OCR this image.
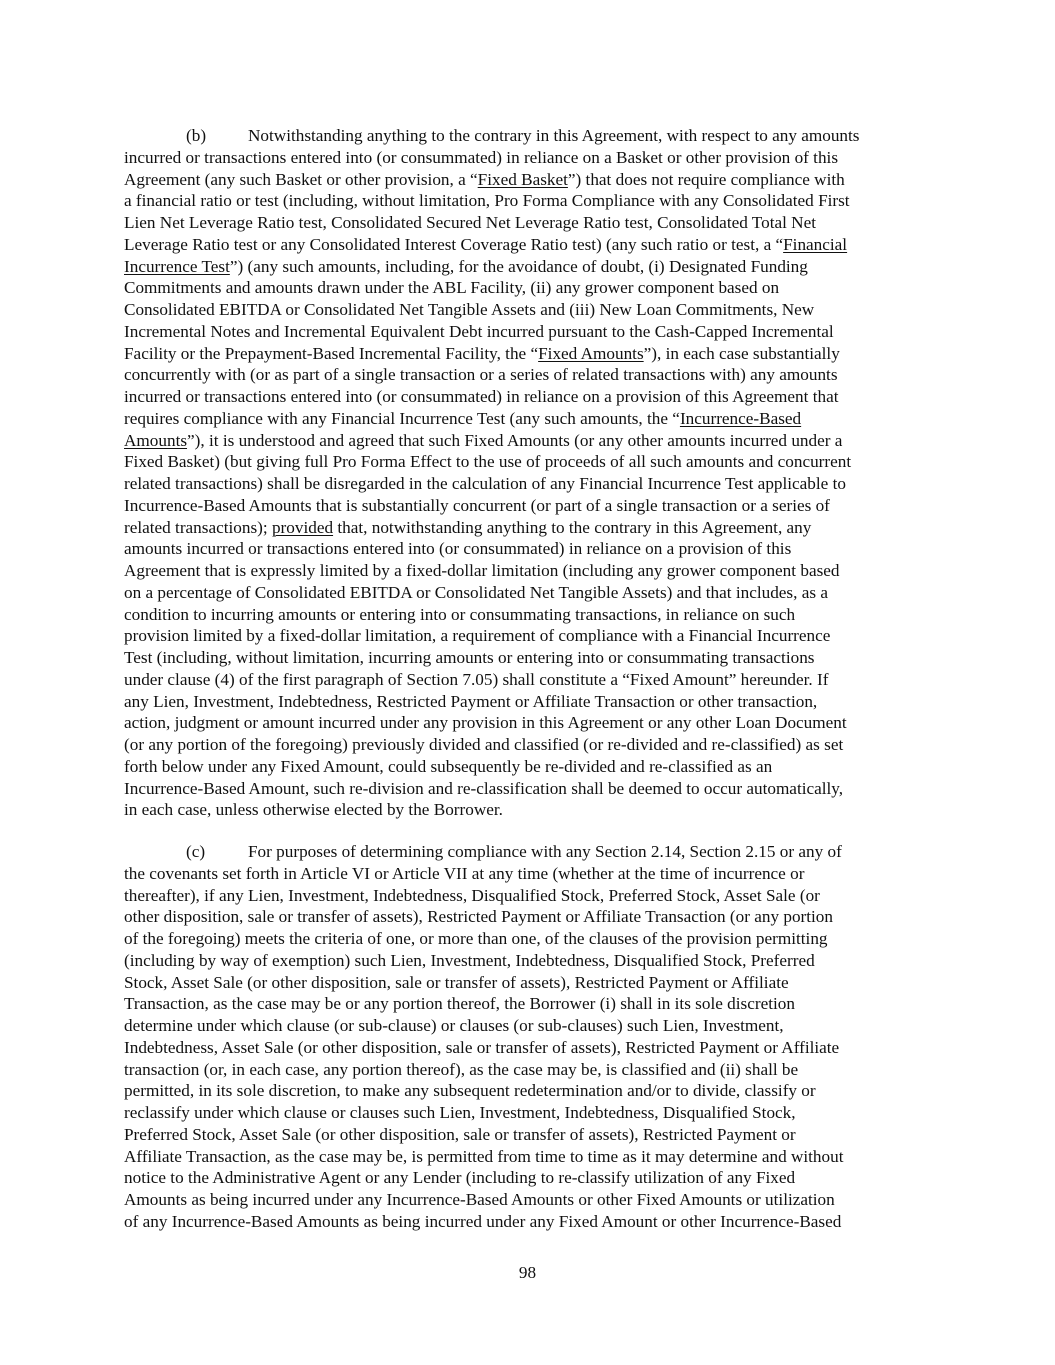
(b) Notwithstanding anything to the contrary in this Agreement, with respect to any amounts
incurred or transactions entered into (or consummated) in reliance on a Basket or other provision of this
Agreement (any such Basket or other provision, a “Fixed Basket”) that does not require compliance with
a financial ratio or test (including, without limitation, Pro Forma Compliance with any Consolidated First
Lien Net Leverage Ratio test, Consolidated Secured Net Leverage Ratio test, Consolidated Total Net
Leverage Ratio test or any Consolidated Interest Coverage Ratio test) (any such ratio or test, a “Financial
Incurrence Test”) (any such amounts, including, for the avoidance of doubt, (i) Designated Funding
Commitments and amounts drawn under the ABL Facility, (ii) any grower component based on
Consolidated EBITDA or Consolidated Net Tangible Assets and (iii) New Loan Commitments, New
Incremental Notes and Incremental Equivalent Debt incurred pursuant to the Cash-Capped Incremental
Facility or the Prepayment-Based Incremental Facility, the “Fixed Amounts”), in each case substantially
concurrently with (or as part of a single transaction or a series of related transactions with) any amounts
incurred or transactions entered into (or consummated) in reliance on a provision of this Agreement that
requires compliance with any Financial Incurrence Test (any such amounts, the “Incurrence-Based
Amounts”), it is understood and agreed that such Fixed Amounts (or any other amounts incurred under a
Fixed Basket) (but giving full Pro Forma Effect to the use of proceeds of all such amounts and concurrent
related transactions) shall be disregarded in the calculation of any Financial Incurrence Test applicable to
Incurrence-Based Amounts that is substantially concurrent (or part of a single transaction or a series of
related transactions); provided that, notwithstanding anything to the contrary in this Agreement, any
amounts incurred or transactions entered into (or consummated) in reliance on a provision of this
Agreement that is expressly limited by a fixed-dollar limitation (including any grower component based
on a percentage of Consolidated EBITDA or Consolidated Net Tangible Assets) and that includes, as a
condition to incurring amounts or entering into or consummating transactions, in reliance on such
provision limited by a fixed-dollar limitation, a requirement of compliance with a Financial Incurrence
Test (including, without limitation, incurring amounts or entering into or consummating transactions
under clause (4) of the first paragraph of Section 7.05) shall constitute a “Fixed Amount” hereunder. If
any Lien, Investment, Indebtedness, Restricted Payment or Affiliate Transaction or other transaction,
action, judgment or amount incurred under any provision in this Agreement or any other Loan Document
(or any portion of the foregoing) previously divided and classified (or re-divided and re-classified) as set
forth below under any Fixed Amount, could subsequently be re-divided and re-classified as an
Incurrence-Based Amount, such re-division and re-classification shall be deemed to occur automatically,
in each case, unless otherwise elected by the Borrower.
(c) For purposes of determining compliance with any Section 2.14, Section 2.15 or any of
the covenants set forth in Article VI or Article VII at any time (whether at the time of incurrence or
thereafter), if any Lien, Investment, Indebtedness, Disqualified Stock, Preferred Stock, Asset Sale (or
other disposition, sale or transfer of assets), Restricted Payment or Affiliate Transaction (or any portion
of the foregoing) meets the criteria of one, or more than one, of the clauses of the provision permitting
(including by way of exemption) such Lien, Investment, Indebtedness, Disqualified Stock, Preferred
Stock, Asset Sale (or other disposition, sale or transfer of assets), Restricted Payment or Affiliate
Transaction, as the case may be or any portion thereof, the Borrower (i) shall in its sole discretion
determine under which clause (or sub-clause) or clauses (or sub-clauses) such Lien, Investment,
Indebtedness, Asset Sale (or other disposition, sale or transfer of assets), Restricted Payment or Affiliate
transaction (or, in each case, any portion thereof), as the case may be, is classified and (ii) shall be
permitted, in its sole discretion, to make any subsequent redetermination and/or to divide, classify or
reclassify under which clause or clauses such Lien, Investment, Indebtedness, Disqualified Stock,
Preferred Stock, Asset Sale (or other disposition, sale or transfer of assets), Restricted Payment or
Affiliate Transaction, as the case may be, is permitted from time to time as it may determine and without
notice to the Administrative Agent or any Lender (including to re-classify utilization of any Fixed
Amounts as being incurred under any Incurrence-Based Amounts or other Fixed Amounts or utilization
of any Incurrence-Based Amounts as being incurred under any Fixed Amount or other Incurrence-Based

98
